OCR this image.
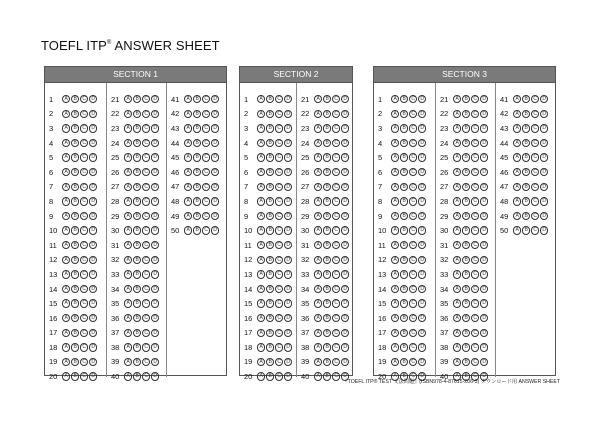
TOEFL ITP® ANSWER SHEET
SECTION 1
1	A	B	C	D
2	A	B	C	D
3	A	B	C	D
4	A	B	C	D
5	A	B	C	D
6	A	B	C	D
7	A	B	C	D
8	A	B	C	D
9	A	B	C	D
10	A	B	C	D
11	A	B	C	D
12	A	B	C	D
13	A	B	C	D
14	A	B	C	D
15	A	B	C	D
16	A	B	C	D
17	A	B	C	D
18	A	B	C	D
19	A	B	C	D
20	A	B	C	D
21	A	B	C	D
22	A	B	C	D
23	A	B	C	D
24	A	B	C	D
25	A	B	C	D
26	A	B	C	D
27	A	B	C	D
28	A	B	C	D
29	A	B	C	D
30	A	B	C	D
31	A	B	C	D
32	A	B	C	D
33	A	B	C	D
34	A	B	C	D
35	A	B	C	D
36	A	B	C	D
37	A	B	C	D
38	A	B	C	D
39	A	B	C	D
40	A	B	C	D
41	A	B	C	D
42	A	B	C	D
43	A	B	C	D
44	A	B	C	D
45	A	B	C	D
46	A	B	C	D
47	A	B	C	D
48	A	B	C	D
49	A	B	C	D
50	A	B	C	D
SECTION 2
1	A	B	C	D
2	A	B	C	D
3	A	B	C	D
4	A	B	C	D
5	A	B	C	D
6	A	B	C	D
7	A	B	C	D
8	A	B	C	D
9	A	B	C	D
10	A	B	C	D
11	A	B	C	D
12	A	B	C	D
13	A	B	C	D
14	A	B	C	D
15	A	B	C	D
16	A	B	C	D
17	A	B	C	D
18	A	B	C	D
19	A	B	C	D
20	A	B	C	D
21	A	B	C	D
22	A	B	C	D
23	A	B	C	D
24	A	B	C	D
25	A	B	C	D
26	A	B	C	D
27	A	B	C	D
28	A	B	C	D
29	A	B	C	D
30	A	B	C	D
31	A	B	C	D
32	A	B	C	D
33	A	B	C	D
34	A	B	C	D
35	A	B	C	D
36	A	B	C	D
37	A	B	C	D
38	A	B	C	D
39	A	B	C	D
40	A	B	C	D
SECTION 3
1	A	B	C	D
2	A	B	C	D
3	A	B	C	D
4	A	B	C	D
5	A	B	C	D
6	A	B	C	D
7	A	B	C	D
8	A	B	C	D
9	A	B	C	D
10	A	B	C	D
11	A	B	C	D
12	A	B	C	D
13	A	B	C	D
14	A	B	C	D
15	A	B	C	D
16	A	B	C	D
17	A	B	C	D
18	A	B	C	D
19	A	B	C	D
20	A	B	C	D
21	A	B	C	D
22	A	B	C	D
23	A	B	C	D
24	A	B	C	D
25	A	B	C	D
26	A	B	C	D
27	A	B	C	D
28	A	B	C	D
29	A	B	C	D
30	A	B	C	D
31	A	B	C	D
32	A	B	C	D
33	A	B	C	D
34	A	B	C	D
35	A	B	C	D
36	A	B	C	D
37	A	B	C	D
38	A	B	C	D
39	A	B	C	D
40	A	B	C	D
41	A	B	C	D
42	A	B	C	D
43	A	B	C	D
44	A	B	C	D
45	A	B	C	D
46	A	B	C	D
47	A	B	C	D
48	A	B	C	D
49	A	B	C	D
50	A	B	C	D
『TOEFL ITP® TEST 文法問題』(ISBN978-4-87615-206-3) ダウンロード用 ANSWER SHEET
